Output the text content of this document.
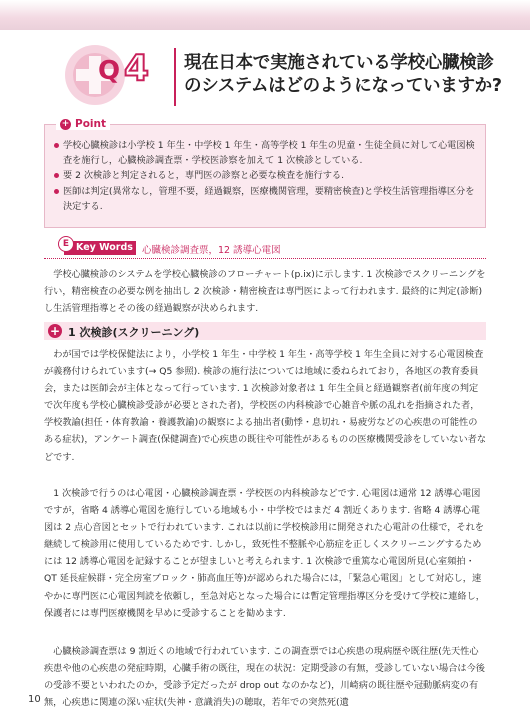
Q 4 現在日本で実施されている学校心臓検診
のシステムはどのようになっていますか?
+ Point
学校心臓検診は小学校 1 年生・中学校 1 年生・高等学校 1 年生の児童・生徒全員に対して心電図検査を施行し，心臓検診調査票・学校医診察を加えて 1 次検診としている.
要 2 次検診と判定されると，専門医の診察と必要な検査を施行する.
医師は判定(異常なし，管理不要，経過観察，医療機関管理，要精密検査)と学校生活管理指導区分を決定する.
Key Words
E
心臓検診調査票，12 誘導心電図

学校心臓検診のシステムを学校心臓検診のフローチャート(p.ix)に示します. 1 次検診でスクリーニングを行い，精密検査の必要な例を抽出し 2 次検診・精密検査は専門医によって行われます. 最終的に判定(診断)し生活管理指導とその後の経過観察が決められます.

+ 1 次検診(スクリーニング)

わが国では学校保健法により，小学校 1 年生・中学校 1 年生・高等学校 1 年生全員に対する心電図検査が義務付けられています(→ Q5 参照). 検診の施行法については地域に委ねられており，各地区の教育委員会，または医師会が主体となって行っています. 1 次検診対象者は 1 年生全員と経過観察者(前年度の判定で次年度も学校心臓検診受診が必要とされた者)，学校医の内科検診で心雑音や脈の乱れを指摘された者，学校教諭(担任・体育教諭・養護教諭)の観察による抽出者(動悸・息切れ・易疲労などの心疾患の可能性のある症状)，アンケート調査(保健調査)で心疾患の既往や可能性があるものの医療機関受診をしていない者などです.

1 次検診で行うのは心電図・心臓検診調査票・学校医の内科検診などです. 心電図は通常 12 誘導心電図ですが，省略 4 誘導心電図を施行している地域も小・中学校ではまだ 4 割近くあります. 省略 4 誘導心電図は 2 点心音図とセットで行われています. これは以前に学校検診用に開発された心電計の仕様で，それを継続して検診用に使用しているためです. しかし，致死性不整脈や心筋症を正しくスクリーニングするためには 12 誘導心電図を記録することが望ましいと考えられます. 1 次検診で重篤な心電図所見(心室頻拍・QT 延長症候群・完全房室ブロック・肺高血圧等)が認められた場合には，「緊急心電図」として対応し，速やかに専門医に心電図判読を依頼し，至急対応となった場合には暫定管理指導区分を受けて学校に連絡し，保護者には専門医療機関を早めに受診することを勧めます.

心臓検診調査票は 9 割近くの地域で行われています. この調査票では心疾患の現病歴や既往歴(先天性心疾患や他の心疾患の発症時期，心臓手術の既往，現在の状況：定期受診の有無，受診していない場合は今後の受診不要といわれたのか，受診予定だったが drop out なのかなど)，川崎病の既往歴や冠動脈病変の有無，心疾患に関連の深い症状(失神・意識消失)の聴取，若年での突然死(遺

10
